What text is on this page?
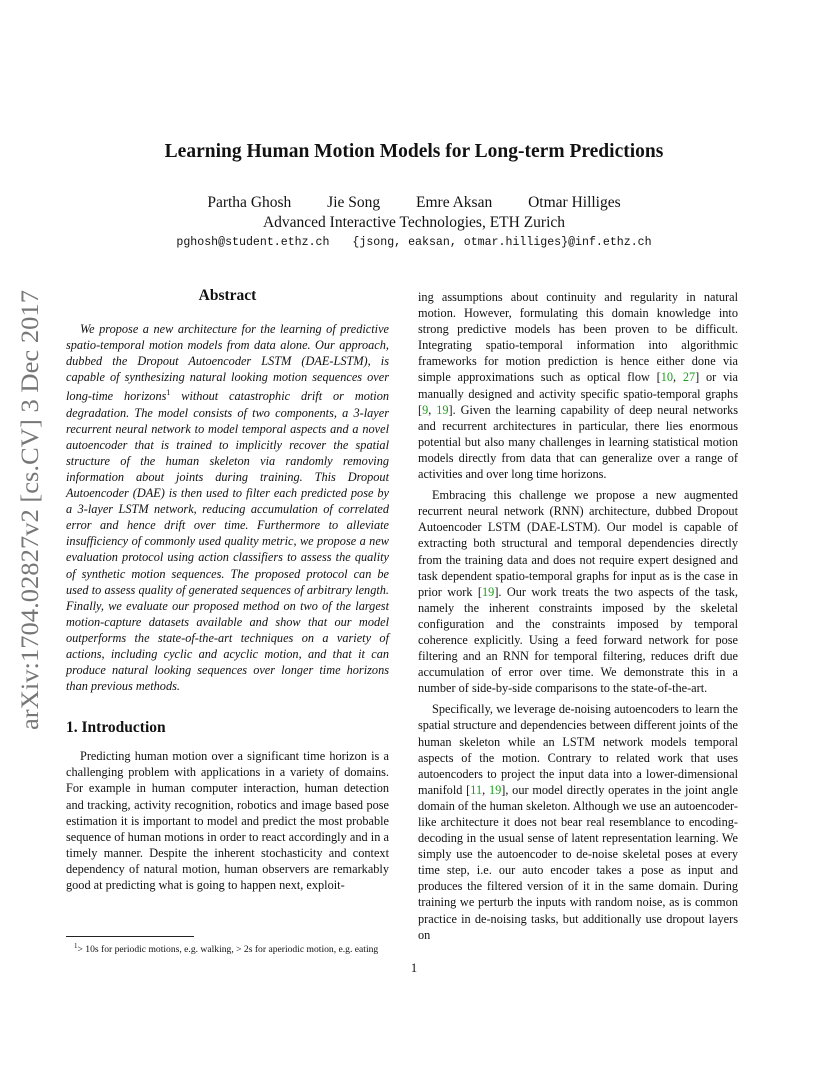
arXiv:1704.02827v2 [cs.CV] 3 Dec 2017
Learning Human Motion Models for Long-term Predictions
Partha Ghosh Jie Song Emre Aksan Otmar Hilliges
Advanced Interactive Technologies, ETH Zurich
pghosh@student.ethz.ch {jsong, eaksan, otmar.hilliges}@inf.ethz.ch
Abstract

We propose a new architecture for the learning of predictive spatio-temporal motion models from data alone. Our approach, dubbed the Dropout Autoencoder LSTM (DAE-LSTM), is capable of synthesizing natural looking motion sequences over long-time horizons$^1$ without catastrophic drift or motion degradation. The model consists of two components, a 3-layer recurrent neural network to model temporal aspects and a novel autoencoder that is trained to implicitly recover the spatial structure of the human skeleton via randomly removing information about joints during training. This Dropout Autoencoder (DAE) is then used to filter each predicted pose by a 3-layer LSTM network, reducing accumulation of correlated error and hence drift over time. Furthermore to alleviate insufficiency of commonly used quality metric, we propose a new evaluation protocol using action classifiers to assess the quality of synthetic motion sequences. The proposed protocol can be used to assess quality of generated sequences of arbitrary length. Finally, we evaluate our proposed method on two of the largest motion-capture datasets available and show that our model outperforms the state-of-the-art techniques on a variety of actions, including cyclic and acyclic motion, and that it can produce natural looking sequences over longer time horizons than previous methods.

1. Introduction

Predicting human motion over a significant time horizon is a challenging problem with applications in a variety of domains. For example in human computer interaction, human detection and tracking, activity recognition, robotics and image based pose estimation it is important to model and predict the most probable sequence of human motions in order to react accordingly and in a timely manner. Despite the inherent stochasticity and context dependency of natural motion, human observers are remarkably good at predicting what is going to happen next, exploit-

$^1$> 10s for periodic motions, e.g. walking, > 2s for aperiodic motion, e.g. eating

ing assumptions about continuity and regularity in natural motion. However, formulating this domain knowledge into strong predictive models has been proven to be difficult. Integrating spatio-temporal information into algorithmic frameworks for motion prediction is hence either done via simple approximations such as optical flow [10, 27] or via manually designed and activity specific spatio-temporal graphs [9, 19]. Given the learning capability of deep neural networks and recurrent architectures in particular, there lies enormous potential but also many challenges in learning statistical motion models directly from data that can generalize over a range of activities and over long time horizons.

Embracing this challenge we propose a new augmented recurrent neural network (RNN) architecture, dubbed Dropout Autoencoder LSTM (DAE-LSTM). Our model is capable of extracting both structural and temporal dependencies directly from the training data and does not require expert designed and task dependent spatio-temporal graphs for input as is the case in prior work [19]. Our work treats the two aspects of the task, namely the inherent constraints imposed by the skeletal configuration and the constraints imposed by temporal coherence explicitly. Using a feed forward network for pose filtering and an RNN for temporal filtering, reduces drift due accumulation of error over time. We demonstrate this in a number of side-by-side comparisons to the state-of-the-art.

Specifically, we leverage de-noising autoencoders to learn the spatial structure and dependencies between different joints of the human skeleton while an LSTM network models temporal aspects of the motion. Contrary to related work that uses autoencoders to project the input data into a lower-dimensional manifold [11, 19], our model directly operates in the joint angle domain of the human skeleton. Although we use an autoencoder-like architecture it does not bear real resemblance to encoding-decoding in the usual sense of latent representation learning. We simply use the autoencoder to de-noise skeletal poses at every time step, i.e. our auto encoder takes a pose as input and produces the filtered version of it in the same domain. During training we perturb the inputs with random noise, as is common practice in de-noising tasks, but additionally use dropout layers on

1
